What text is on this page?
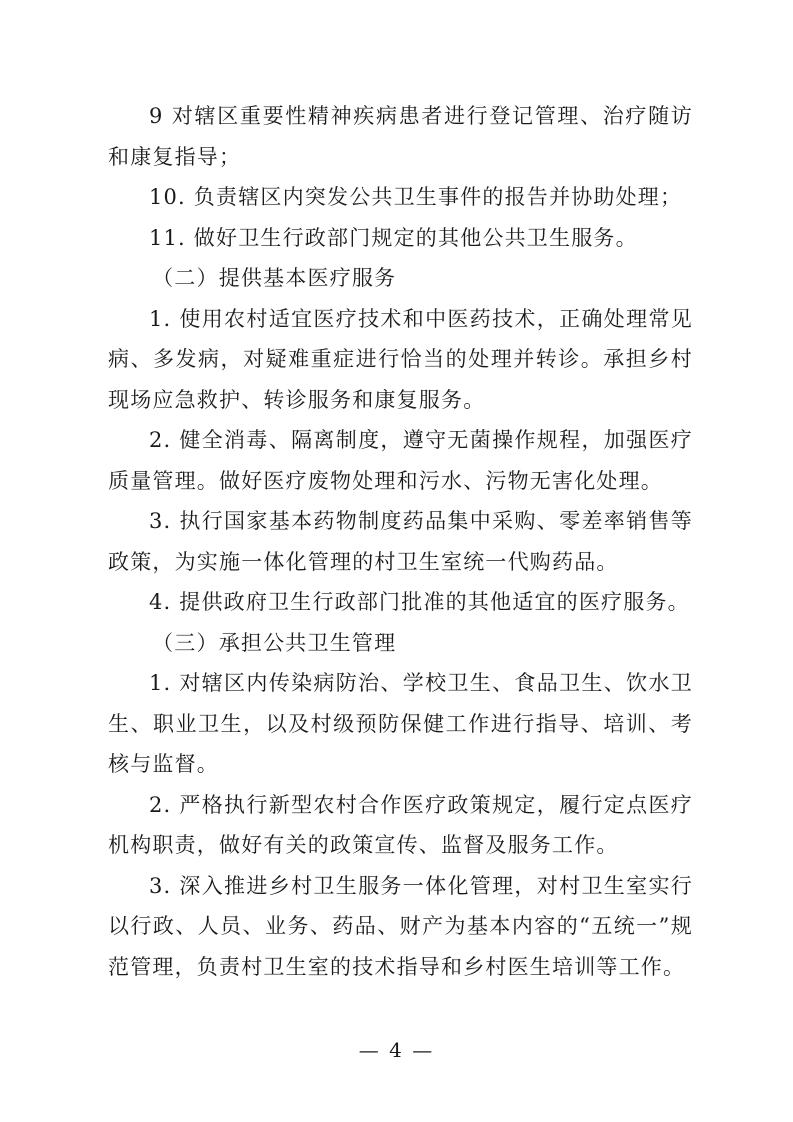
9 对辖区重要性精神疾病患者进行登记管理、治疗随访和康复指导；

10. 负责辖区内突发公共卫生事件的报告并协助处理；

11. 做好卫生行政部门规定的其他公共卫生服务。

（二）提供基本医疗服务

1. 使用农村适宜医疗技术和中医药技术，正确处理常见病、多发病，对疑难重症进行恰当的处理并转诊。承担乡村现场应急救护、转诊服务和康复服务。

2. 健全消毒、隔离制度，遵守无菌操作规程，加强医疗质量管理。做好医疗废物处理和污水、污物无害化处理。

3. 执行国家基本药物制度药品集中采购、零差率销售等政策，为实施一体化管理的村卫生室统一代购药品。

4. 提供政府卫生行政部门批准的其他适宜的医疗服务。

（三）承担公共卫生管理

1. 对辖区内传染病防治、学校卫生、食品卫生、饮水卫生、职业卫生，以及村级预防保健工作进行指导、培训、考核与监督。

2. 严格执行新型农村合作医疗政策规定，履行定点医疗机构职责，做好有关的政策宣传、监督及服务工作。

3. 深入推进乡村卫生服务一体化管理，对村卫生室实行以行政、人员、业务、药品、财产为基本内容的“五统一”规范管理，负责村卫生室的技术指导和乡村医生培训等工作。

— 4 —
